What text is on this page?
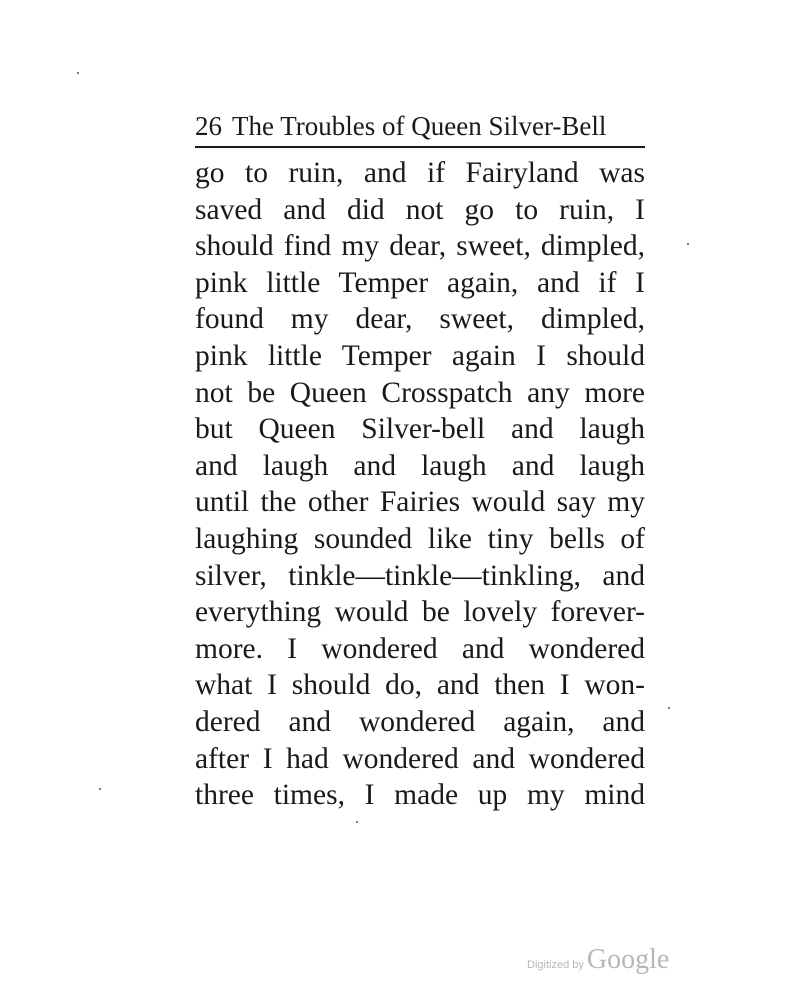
26 The Troubles of Queen Silver-Bell
go to ruin, and if Fairyland was
saved and did not go to ruin, I
should find my dear, sweet, dimpled,
pink little Temper again, and if I
found my dear, sweet, dimpled,
pink little Temper again I should
not be Queen Crosspatch any more
but Queen Silver-bell and laugh
and laugh and laugh and laugh
until the other Fairies would say my
laughing sounded like tiny bells of
silver, tinkle—tinkle—tinkling, and
everything would be lovely forever-
more. I wondered and wondered
what I should do, and then I won-
dered and wondered again, and
after I had wondered and wondered
three times, I made up my mind
Digitized by Google
